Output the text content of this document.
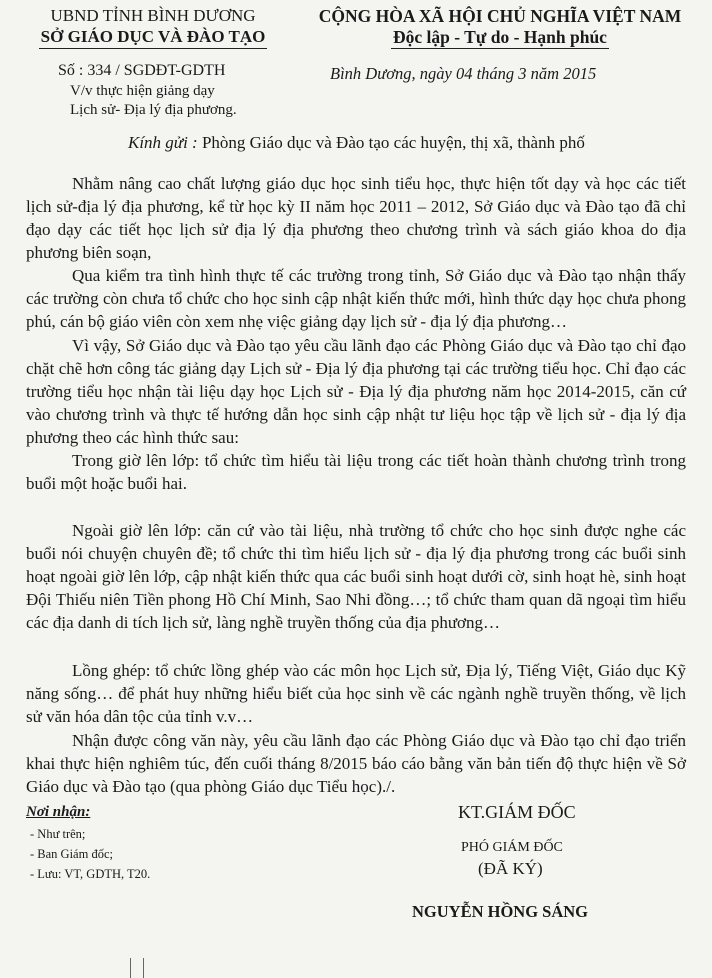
UBND TỈNH BÌNH DƯƠNG
SỞ GIÁO DỤC VÀ ĐÀO TẠO
CỘNG HÒA XÃ HỘI CHỦ NGHĨA VIỆT NAM
Độc lập - Tự do - Hạnh phúc
Số : 334 / SGDĐT-GDTH
V/v thực hiện giảng dạy
Lịch sử- Địa lý địa phương.
Bình Dương, ngày 04 tháng 3 năm 2015
Kính gửi : Phòng Giáo dục và Đào tạo các huyện, thị xã, thành phố

Nhằm nâng cao chất lượng giáo dục học sinh tiểu học, thực hiện tốt dạy và học các tiết lịch sử-địa lý địa phương, kể từ học kỳ II năm học 2011 – 2012, Sở Giáo dục và Đào tạo đã chỉ đạo dạy các tiết học lịch sử địa lý địa phương theo chương trình và sách giáo khoa do địa phương biên soạn,

Qua kiểm tra tình hình thực tế các trường trong tỉnh, Sở Giáo dục và Đào tạo nhận thấy các trường còn chưa tổ chức cho học sinh cập nhật kiến thức mới, hình thức dạy học chưa phong phú, cán bộ giáo viên còn xem nhẹ việc giảng dạy lịch sử - địa lý địa phương…

Vì vậy, Sở Giáo dục và Đào tạo yêu cầu lãnh đạo các Phòng Giáo dục và Đào tạo chỉ đạo chặt chẽ hơn công tác giảng dạy Lịch sử - Địa lý địa phương tại các trường tiểu học. Chỉ đạo các trường tiểu học nhận tài liệu dạy học Lịch sử - Địa lý địa phương năm học 2014-2015, căn cứ vào chương trình và thực tế hướng dẫn học sinh cập nhật tư liệu học tập về lịch sử - địa lý địa phương theo các hình thức sau:

Trong giờ lên lớp: tổ chức tìm hiểu tài liệu trong các tiết hoàn thành chương trình trong buổi một hoặc buổi hai.

Ngoài giờ lên lớp: căn cứ vào tài liệu, nhà trường tổ chức cho học sinh được nghe các buổi nói chuyện chuyên đề; tổ chức thi tìm hiểu lịch sử - địa lý địa phương trong các buổi sinh hoạt ngoài giờ lên lớp, cập nhật kiến thức qua các buổi sinh hoạt dưới cờ, sinh hoạt hè, sinh hoạt Đội Thiếu niên Tiền phong Hồ Chí Minh, Sao Nhi đồng…; tổ chức tham quan dã ngoại tìm hiểu các địa danh di tích lịch sử, làng nghề truyền thống của địa phương…

Lồng ghép: tổ chức lồng ghép vào các môn học Lịch sử, Địa lý, Tiếng Việt, Giáo dục Kỹ năng sống… để phát huy những hiểu biết của học sinh về các ngành nghề truyền thống, về lịch sử văn hóa dân tộc của tỉnh v.v…

Nhận được công văn này, yêu cầu lãnh đạo các Phòng Giáo dục và Đào tạo chỉ đạo triển khai thực hiện nghiêm túc, đến cuối tháng 8/2015 báo cáo bằng văn bản tiến độ thực hiện về Sở Giáo dục và Đào tạo (qua phòng Giáo dục Tiểu học)./.

Nơi nhận:
- Như trên;
- Ban Giám đốc;
- Lưu: VT, GDTH, T20.
KT.GIÁM ĐỐC
PHÓ GIÁM ĐỐC
(ĐÃ KÝ)
NGUYỄN HỒNG SÁNG
